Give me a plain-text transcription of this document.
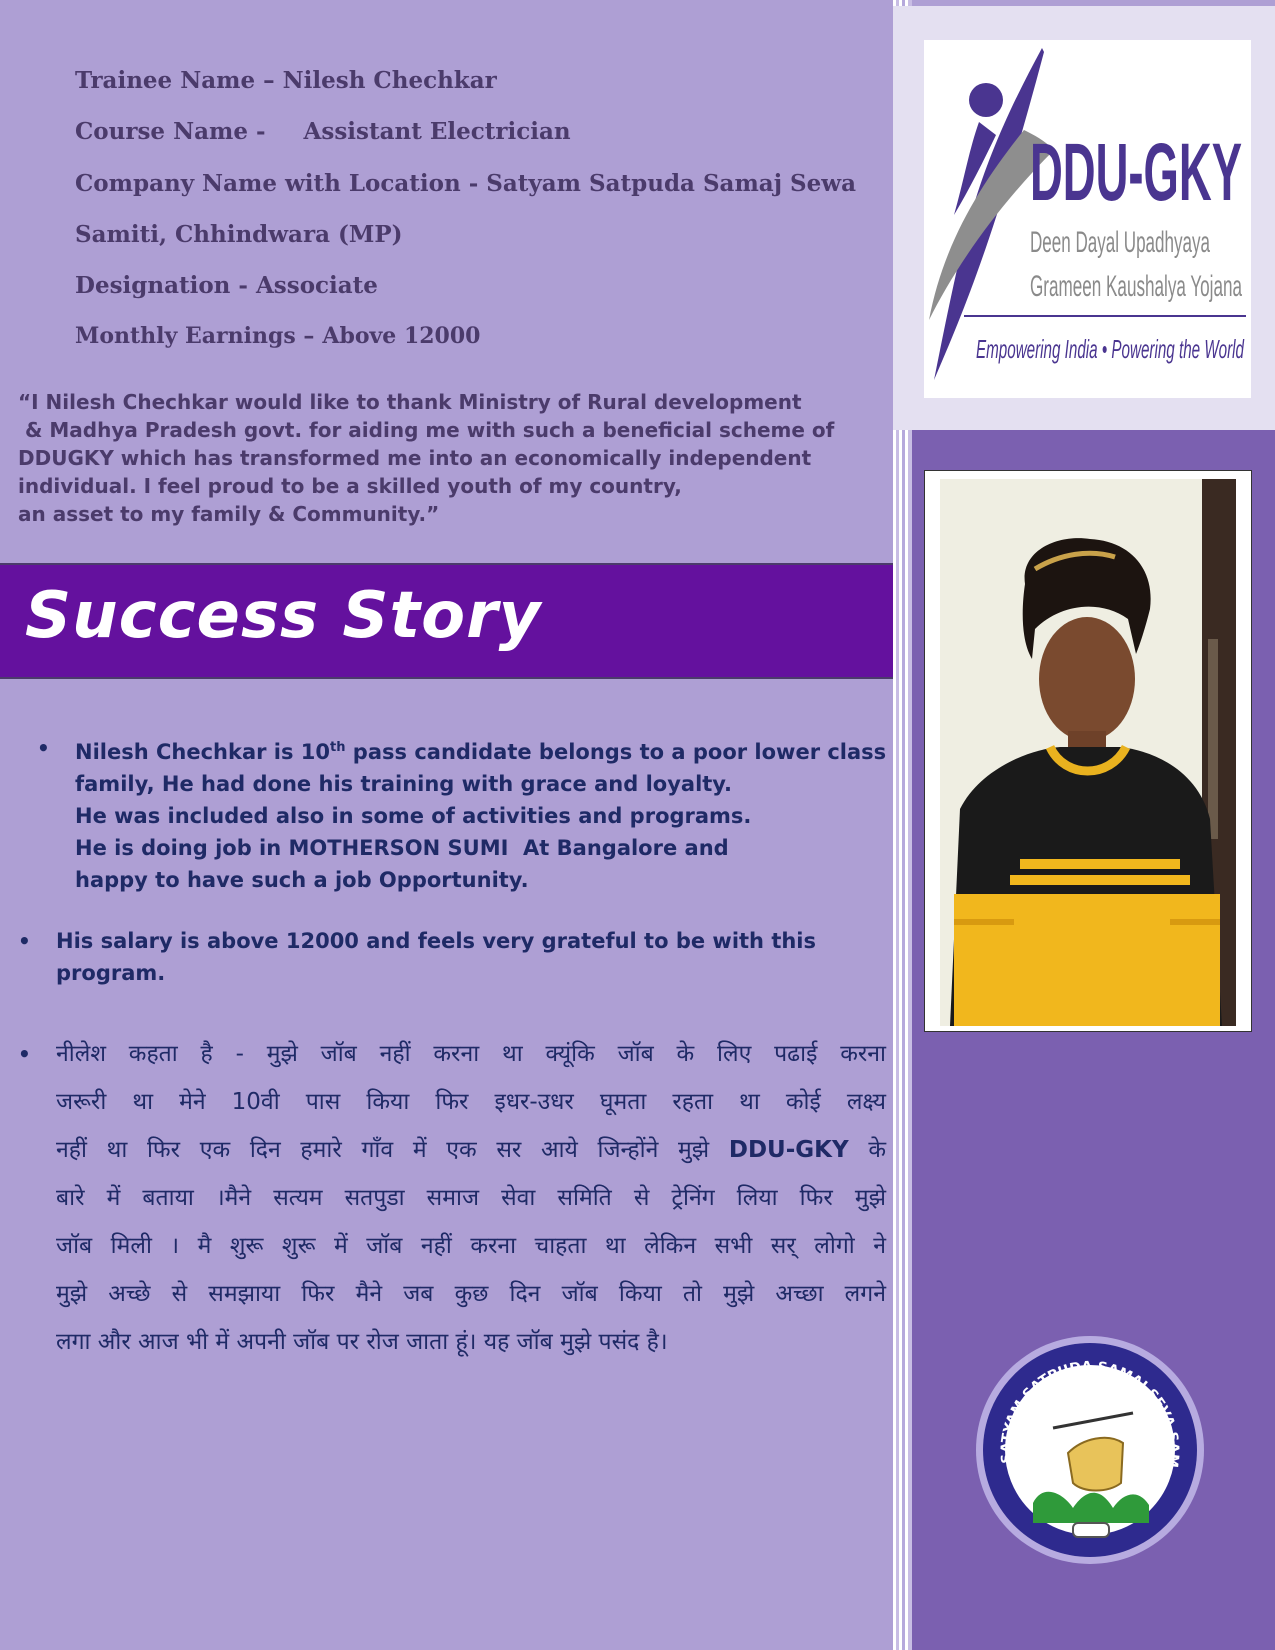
Trainee Name – Nilesh Chechkar
Course Name - Assistant Electrician
Company Name with Location - Satyam Satpuda Samaj Sewa
Samiti, Chhindwara (MP)
Designation - Associate
Monthly Earnings – Above 12000
“I Nilesh Chechkar would like to thank Ministry of Rural development
& Madhya Pradesh govt. for aiding me with such a beneficial scheme of
DDUGKY which has transformed me into an economically independent
individual. I feel proud to be a skilled youth of my country,
an asset to my family & Community.”
Success Story
• Nilesh Chechkar is 10th pass candidate belongs to a poor lower class
family, He had done his training with grace and loyalty.
He was included also in some of activities and programs.
He is doing job in MOTHERSON SUMI  At Bangalore and
happy to have such a job Opportunity.
• His salary is above 12000 and feels very grateful to be with this
program.
• नीलेश कहता है - मुझे जॉब नहीं करना था क्यूंकि जॉब के लिए पढाई करना
जरूरी था मेने 10वी पास किया फिर इधर-उधर घूमता रहता था कोई लक्ष्य
नहीं था फिर एक दिन हमारे गाँव में एक सर आये जिन्होंने मुझे DDU-GKY के
बारे में बताया ।मैने सत्यम सतपुडा समाज सेवा समिति से ट्रेनिंग लिया फिर मुझे
जॉब मिली । मै शुरू शुरू में जॉब नहीं करना चाहता था लेकिन सभी सर् लोगो ने
मुझे अच्छे से समझाया फिर मैने जब कुछ दिन जॉब किया तो मुझे अच्छा लगने
लगा और आज भी में अपनी जॉब पर रोज जाता हूं। यह जॉब मुझे पसंद है।
DDU-GKY
Deen Dayal Upadhyaya
Grameen Kaushalya Yojana
Empowering India • Powering the World
